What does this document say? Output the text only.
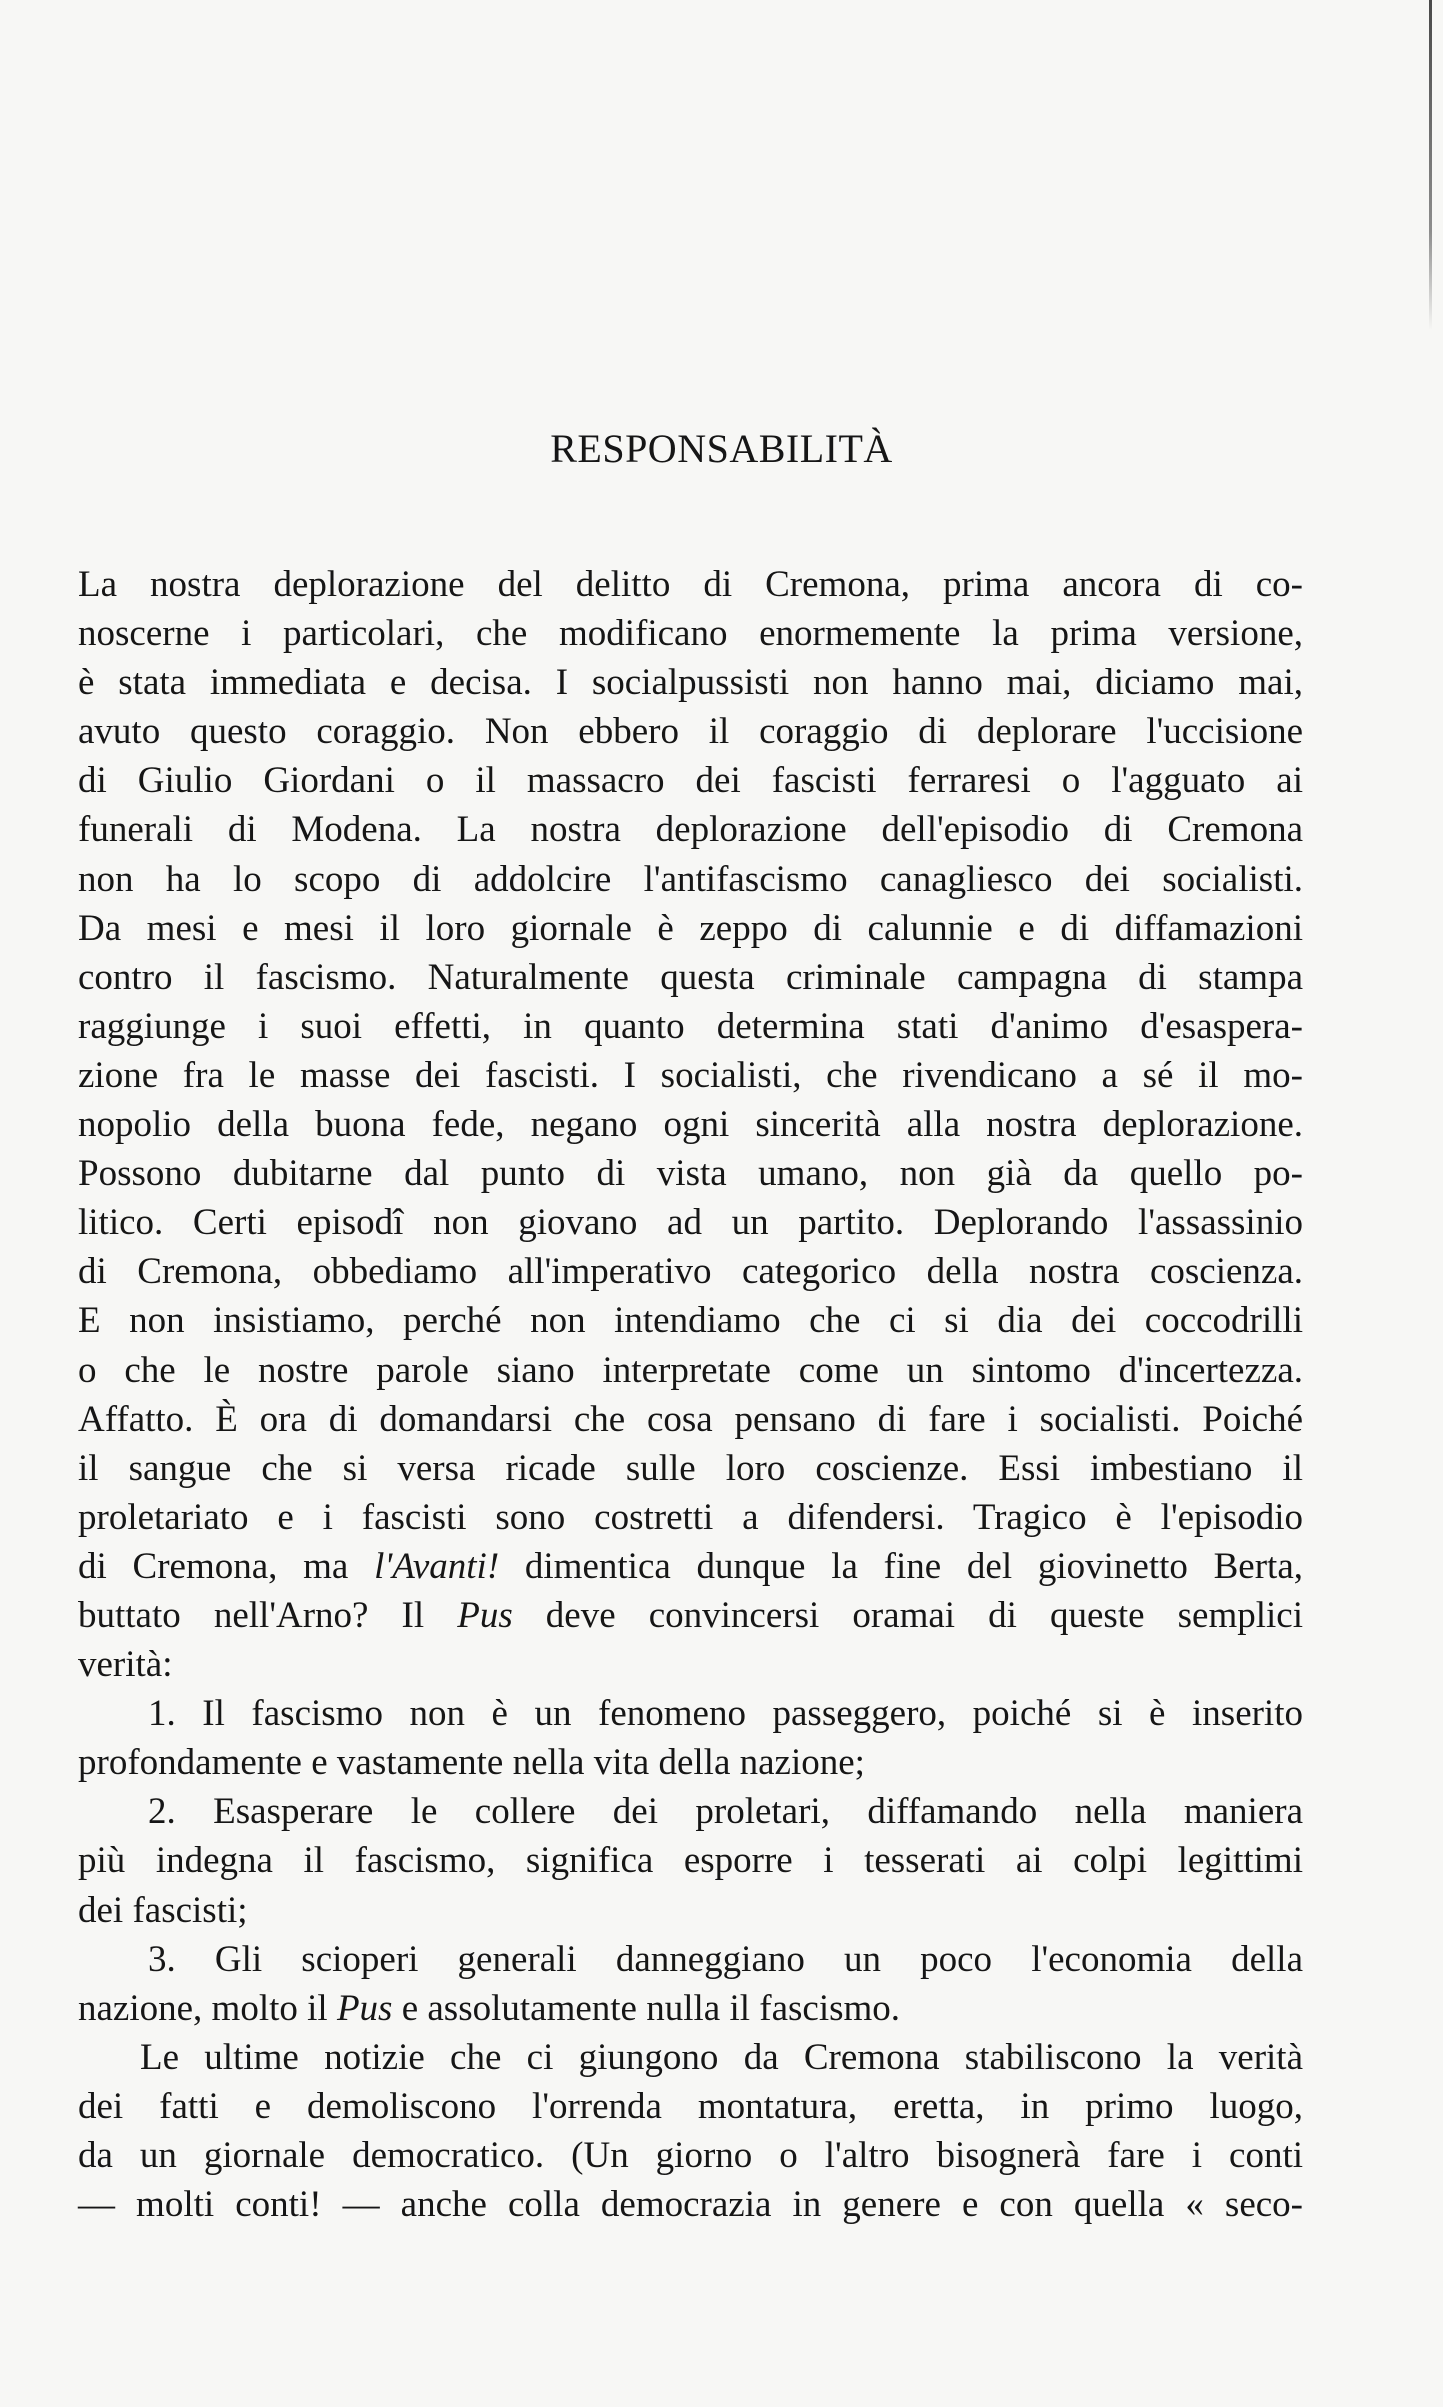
RESPONSABILITÀ
La nostra deplorazione del delitto di Cremona, prima ancora di co-
noscerne i particolari, che modificano enormemente la prima versione,
è stata immediata e decisa. I socialpussisti non hanno mai, diciamo mai,
avuto questo coraggio. Non ebbero il coraggio di deplorare l'uccisione
di Giulio Giordani o il massacro dei fascisti ferraresi o l'agguato ai
funerali di Modena. La nostra deplorazione dell'episodio di Cremona
non ha lo scopo di addolcire l'antifascismo canagliesco dei socialisti.
Da mesi e mesi il loro giornale è zeppo di calunnie e di diffamazioni
contro il fascismo. Naturalmente questa criminale campagna di stampa
raggiunge i suoi effetti, in quanto determina stati d'animo d'esaspera-
zione fra le masse dei fascisti. I socialisti, che rivendicano a sé il mo-
nopolio della buona fede, negano ogni sincerità alla nostra deplorazione.
Possono dubitarne dal punto di vista umano, non già da quello po-
litico. Certi episodî non giovano ad un partito. Deplorando l'assassinio
di Cremona, obbediamo all'imperativo categorico della nostra coscienza.
E non insistiamo, perché non intendiamo che ci si dia dei coccodrilli
o che le nostre parole siano interpretate come un sintomo d'incertezza.
Affatto. È ora di domandarsi che cosa pensano di fare i socialisti. Poiché
il sangue che si versa ricade sulle loro coscienze. Essi imbestiano il
proletariato e i fascisti sono costretti a difendersi. Tragico è l'episodio
di Cremona, ma l'Avanti! dimentica dunque la fine del giovinetto Berta,
buttato nell'Arno? Il Pus deve convincersi oramai di queste semplici
verità:
1. Il fascismo non è un fenomeno passeggero, poiché si è inserito
profondamente e vastamente nella vita della nazione;
2. Esasperare le collere dei proletari, diffamando nella maniera
più indegna il fascismo, significa esporre i tesserati ai colpi legittimi
dei fascisti;
3. Gli scioperi generali danneggiano un poco l'economia della
nazione, molto il Pus e assolutamente nulla il fascismo.
Le ultime notizie che ci giungono da Cremona stabiliscono la verità
dei fatti e demoliscono l'orrenda montatura, eretta, in primo luogo,
da un giornale democratico. (Un giorno o l'altro bisognerà fare i conti
— molti conti! — anche colla democrazia in genere e con quella « seco-
